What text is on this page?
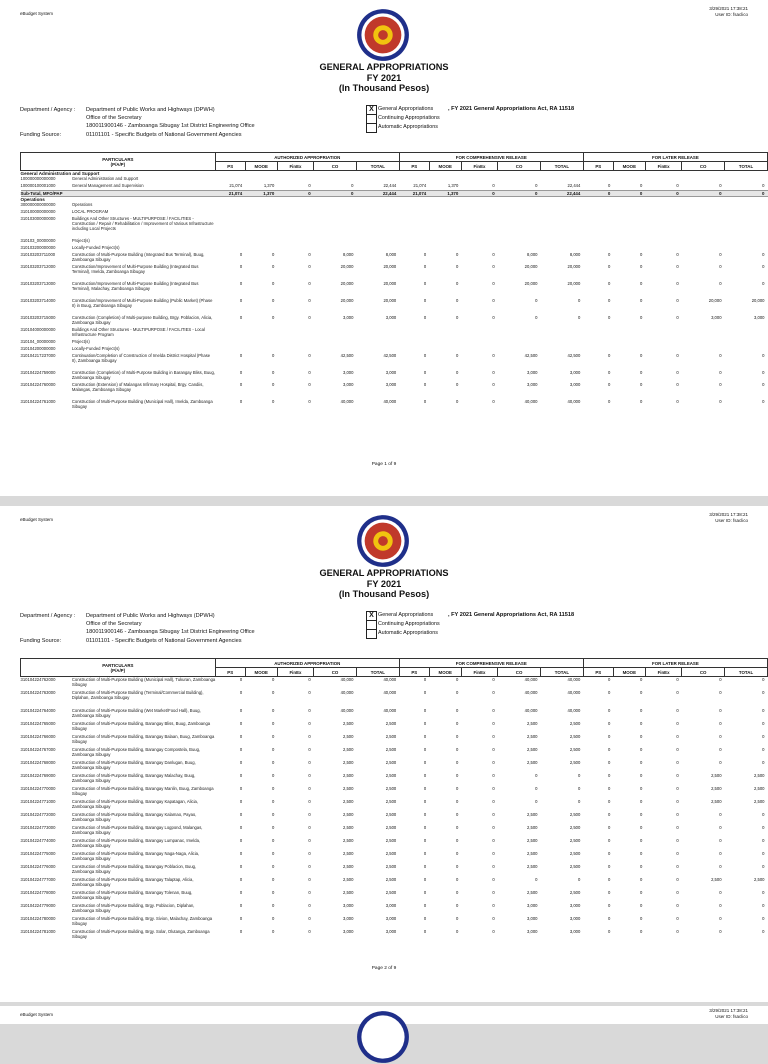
eBudget System
3/29/2021 17:38:21
User ID: fsaclico
GENERAL APPROPRIATIONS
FY 2021
(In Thousand Pesos)
Department / Agency :	Department of Public Works and Highways (DPWH)
Office of the Secretary
180011900146 - Zamboanga Sibugay 1st District Engineering Office
Funding Source:	01101101 - Specific Budgets of National Government Agencies
X General Appropriations
Continuing Appropriations
Automatic Appropriations
, FY 2021 General Appropriations Act, RA 11518
PARTICULARS
(P/A/P)		AUTHORIZED APPROPRIATION					FOR COMPREHENSIVE RELEASE					FOR LATER RELEASE				
		PS	MOOE	FinEx	CO	TOTAL	PS	MOOE	FinEx	CO	TOTAL	PS	MOOE	FinEx	CO	TOTAL
General Administration and Support																
100000000000000	General Administration and Support															
100000100001000	General Management and Supervision	21,074	1,370	0	0	22,444	21,074	1,370	0	0	22,444	0	0	0	0	0
Sub-Total, MFO/PAP		21,074	1,370	0	0	22,444	21,074	1,370	0	0	22,444	0	0	0	0	0
Operations																
300000000000000	Operations															
310100000000000	LOCAL PROGRAM															
310103000000000	Buildings And Other Structures - MULTIPURPOSE / FACILITIES - Construction / Repair / Rehabilitation / Improvement of Various Infrastructure including Local Projects															
310103_00000000	Project(s)															
310103200000000	Locally-Funded Project(s)															
310103203711000	Construction of Multi-Purpose Building (Integrated Bus Terminal), Buug, Zamboanga Sibugay	0	0	0	8,000	8,000	0	0	0	8,000	8,000	0	0	0	0	0
310103203712000	Construction/Improvement of Multi-Purpose Building (Integrated Bus Terminal), Imelda, Zamboanga Sibugay	0	0	0	20,000	20,000	0	0	0	20,000	20,000	0	0	0	0	0
310103203713000	Construction/Improvement of Multi-Purpose Building (Integrated Bus Terminal), Malachay, Zamboanga Sibugay	0	0	0	20,000	20,000	0	0	0	20,000	20,000	0	0	0	0	0
310103203714000	Construction/Improvement of Multi-Purpose Building (Public Market) (Phase II) in Buug, Zamboanga Sibugay	0	0	0	20,000	20,000	0	0	0	0	0	0	0	0	20,000	20,000
310103203715000	Construction (Completion) of Multi-purpose Building, Brgy. Poblacion, Alicia, Zamboanga Sibugay	0	0	0	3,000	3,000	0	0	0	0	0	0	0	0	3,000	3,000
310104000000000	Buildings And Other Structures - MULTIPURPOSE / FACILITIES - Local Infrastructure Program															
310104_00000000	Project(s)															
310104200000000	Locally-Funded Project(s)															
310104217237000	Continuation/Completion of Construction of Imelda District Hospital (Phase II), Zamboanga Sibugay	0	0	0	42,500	42,500	0	0	0	42,500	42,500	0	0	0	0	0
310104224759000	Construction (Completion) of Multi-Purpose Building in Barangay Bliss, Buug, Zamboanga Sibugay	0	0	0	3,000	3,000	0	0	0	3,000	3,000	0	0	0	0	0
310104224760000	Construction (Extension) of Malangas Infirmary Hospital, Brgy. Candiis, Malangas, Zamboanga Sibugay	0	0	0	3,000	3,000	0	0	0	3,000	3,000	0	0	0	0	0
310104224761000	Construction of Multi-Purpose Building (Municipal Hall), Imelda, Zamboanga Sibugay	0	0	0	40,000	40,000	0	0	0	40,000	40,000	0	0	0	0	0
Page 1 of 9
eBudget System
3/29/2021 17:38:21
User ID: fsaclico
GENERAL APPROPRIATIONS
FY 2021
(In Thousand Pesos)
Department / Agency :	Department of Public Works and Highways (DPWH)
Office of the Secretary
180011900146 - Zamboanga Sibugay 1st District Engineering Office
Funding Source:	01101101 - Specific Budgets of National Government Agencies
X General Appropriations
Continuing Appropriations
Automatic Appropriations
, FY 2021 General Appropriations Act, RA 11518
PARTICULARS
(P/A/P)		AUTHORIZED APPROPRIATION					FOR COMPREHENSIVE RELEASE					FOR LATER RELEASE				
		PS	MOOE	FinEx	CO	TOTAL	PS	MOOE	FinEx	CO	TOTAL	PS	MOOE	FinEx	CO	TOTAL
310104224762000	Construction of Multi-Purpose Building (Municipal Hall), Tukuran, Zamboanga Sibugay	0	0	0	40,000	40,000	0	0	0	40,000	40,000	0	0	0	0	0
310104224763000	Construction of Multi-Purpose Building (Terminal/Commercial Building), Diplahan, Zamboanga Sibugay	0	0	0	40,000	40,000	0	0	0	40,000	40,000	0	0	0	0	0
310104224764000	Construction of Multi-Purpose Building (Wet Market/Food Hall), Buug, Zamboanga Sibugay	0	0	0	40,000	40,000	0	0	0	40,000	40,000	0	0	0	0	0
310104224765000	Construction of Multi-Purpose Building, Barangay Bliss, Buug, Zamboanga Sibugay	0	0	0	2,500	2,500	0	0	0	2,500	2,500	0	0	0	0	0
310104224766000	Construction of Multi-Purpose Building, Barangay Balaan, Buug, Zamboanga Sibugay	0	0	0	2,500	2,500	0	0	0	2,500	2,500	0	0	0	0	0
310104224767000	Construction of Multi-Purpose Building, Barangay Compostela, Buug, Zamboanga Sibugay	0	0	0	2,500	2,500	0	0	0	2,500	2,500	0	0	0	0	0
310104224768000	Construction of Multi-Purpose Building, Barangay Danlugan, Buug, Zamboanga Sibugay	0	0	0	2,500	2,500	0	0	0	2,500	2,500	0	0	0	0	0
310104224769000	Construction of Multi-Purpose Building, Barangay Malachay, Buug, Zamboanga Sibugay	0	0	0	2,500	2,500	0	0	0	0	0	0	0	0	2,500	2,500
310104224770000	Construction of Multi-Purpose Building, Barangay Manlin, Buug, Zamboanga Sibugay	0	0	0	2,500	2,500	0	0	0	0	0	0	0	0	2,500	2,500
310104224771000	Construction of Multi-Purpose Building, Barangay Kapatagan, Alicia, Zamboanga Sibugay	0	0	0	2,500	2,500	0	0	0	0	0	0	0	0	2,500	2,500
310104224772000	Construction of Multi-Purpose Building, Barangay Kalamao, Payao, Zamboanga Sibugay	0	0	0	2,500	2,500	0	0	0	2,500	2,500	0	0	0	0	0
310104224773000	Construction of Multi-Purpose Building, Barangay Logpond, Malangas, Zamboanga Sibugay	0	0	0	2,500	2,500	0	0	0	2,500	2,500	0	0	0	0	0
310104224774000	Construction of Multi-Purpose Building, Barangay Lumpanac, Imelda, Zamboanga Sibugay	0	0	0	2,500	2,500	0	0	0	2,500	2,500	0	0	0	0	0
310104224775000	Construction of Multi-Purpose Building, Barangay Naga-Naga, Alicia, Zamboanga Sibugay	0	0	0	2,500	2,500	0	0	0	2,500	2,500	0	0	0	0	0
310104224776000	Construction of Multi-Purpose Building, Barangay Poblacion, Buug, Zamboanga Sibugay	0	0	0	2,500	2,500	0	0	0	2,500	2,500	0	0	0	0	0
310104224777000	Construction of Multi-Purpose Building, Barangay Talaptap, Alicia, Zamboanga Sibugay	0	0	0	2,500	2,500	0	0	0	0	0	0	0	0	2,500	2,500
310104224778000	Construction of Multi-Purpose Building, Barangay Tolenan, Buug, Zamboanga Sibugay	0	0	0	2,500	2,500	0	0	0	2,500	2,500	0	0	0	0	0
310104224779000	Construction of Multi-Purpose Building, Brgy. Poblacion, Diplahan, Zamboanga Sibugay	0	0	0	3,000	3,000	0	0	0	3,000	3,000	0	0	0	0	0
310104224780000	Construction of Multi-Purpose Building, Brgy. Sivion, Malachay, Zamboanga Sibugay	0	0	0	3,000	3,000	0	0	0	3,000	3,000	0	0	0	0	0
310104224781000	Construction of Multi-Purpose Building, Brgy. Solar, Olutanga, Zamboanga Sibugay	0	0	0	3,000	3,000	0	0	0	3,000	3,000	0	0	0	0	0
Page 2 of 9
eBudget System
3/29/2021 17:38:21
User ID: fsaclico
